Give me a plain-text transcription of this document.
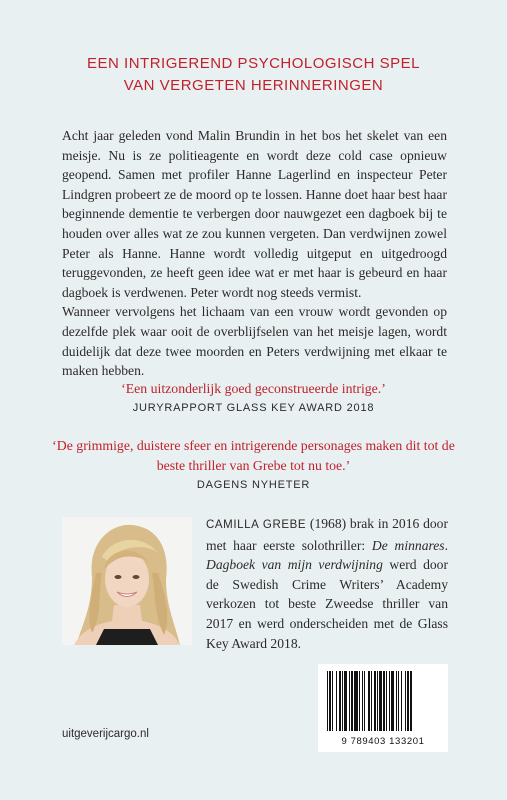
EEN INTRIGEREND PSYCHOLOGISCH SPEL
VAN VERGETEN HERINNERINGEN

Acht jaar geleden vond Malin Brundin in het bos het skelet van een meisje. Nu is ze politieagente en wordt deze cold case opnieuw geopend. Samen met profiler Hanne Lagerlind en inspecteur Peter Lindgren probeert ze de moord op te lossen. Hanne doet haar best haar beginnende dementie te verbergen door nauwgezet een dagboek bij te houden over alles wat ze zou kunnen vergeten. Dan verdwijnen zowel Peter als Hanne. Hanne wordt volledig uitgeput en uitgedroogd teruggevonden, ze heeft geen idee wat er met haar is gebeurd en haar dagboek is verdwenen. Peter wordt nog steeds vermist.

Wanneer vervolgens het lichaam van een vrouw wordt gevonden op dezelfde plek waar ooit de overblijfselen van het meisje lagen, wordt duidelijk dat deze twee moorden en Peters verdwijning met elkaar te maken hebben.

‘Een uitzonderlijk goed geconstrueerde intrige.’
JURYRAPPORT GLASS KEY AWARD 2018
‘De grimmige, duistere sfeer en intrigerende personages maken dit tot de beste thriller van Grebe tot nu toe.’
DAGENS NYHETER
CAMILLA GREBE (1968) brak in 2016 door met haar eerste solothriller: De minnares. Dagboek van mijn verdwijning werd door de Swedish Crime Writers’ Academy verkozen tot beste Zweedse thriller van 2017 en werd onderscheiden met de Glass Key Award 2018.
9 789403 133201
uitgeverijcargo.nl
